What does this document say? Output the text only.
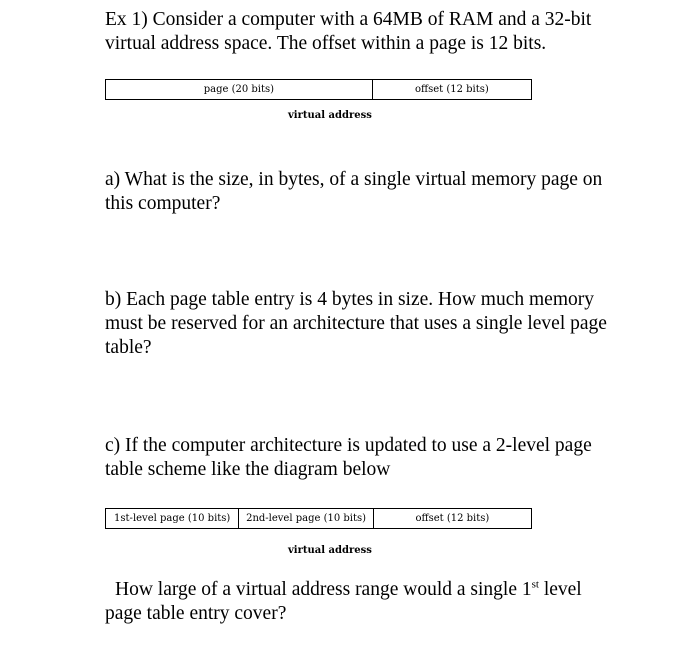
Ex 1) Consider a computer with a 64MB of RAM and a 32-bit virtual address space. The offset within a page is 12 bits.

page (20 bits)	offset (12 bits)
virtual address

a) What is the size, in bytes, of a single virtual memory page on this computer?

b) Each page table entry is 4 bytes in size. How much memory must be reserved for an architecture that uses a single level page table?

c) If the computer architecture is updated to use a 2-level page table scheme like the diagram below

1st-level page (10 bits)	2nd-level page (10 bits)	offset (12 bits)
virtual address

How large of a virtual address range would a single 1st level page table entry cover?
